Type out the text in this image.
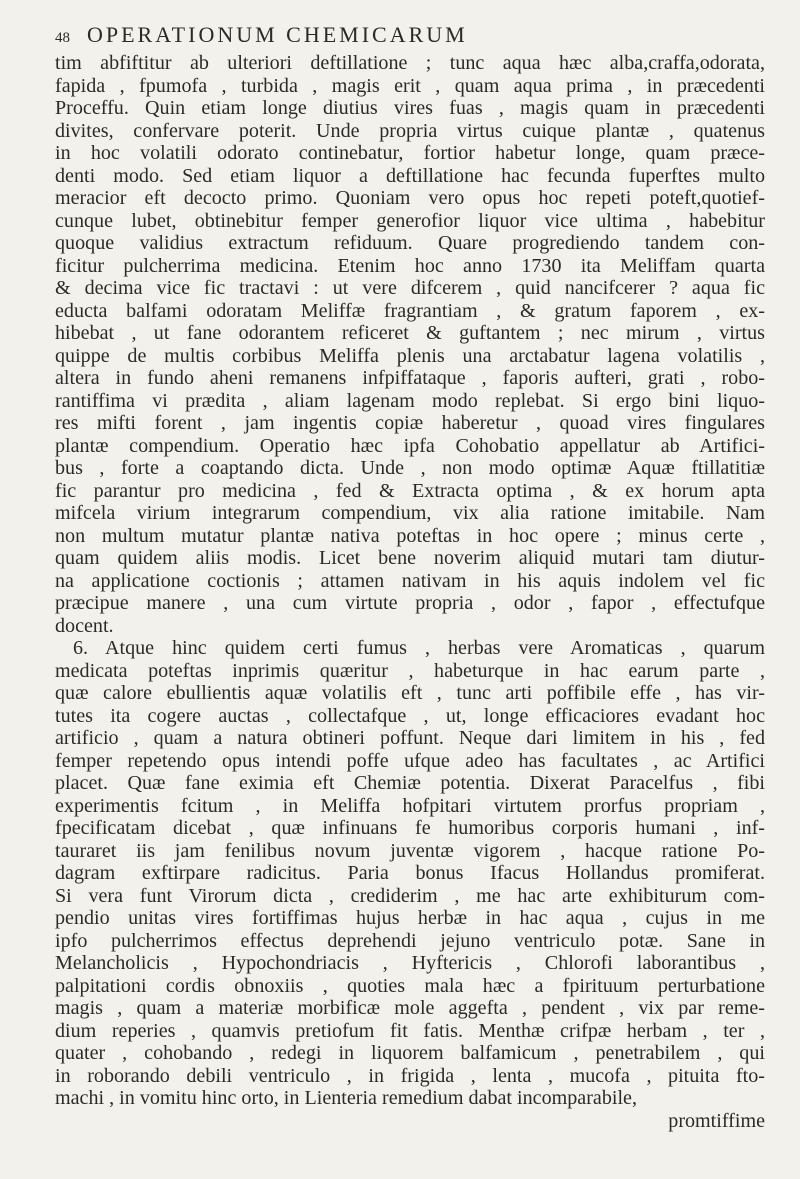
48 OPERATIONUM CHEMICARUM
tim abfiftitur ab ulteriori deftillatione ; tunc aqua hæc alba,craffa,odorata,
fapida , fpumofa , turbida , magis erit , quam aqua prima , in præcedenti
Proceffu. Quin etiam longe diutius vires fuas , magis quam in præcedenti
divites, confervare poterit. Unde propria virtus cuique plantæ , quatenus
in hoc volatili odorato continebatur, fortior habetur longe, quam præce-
denti modo. Sed etiam liquor a deftillatione hac fecunda fuperftes multo
meracior eft decocto primo. Quoniam vero opus hoc repeti poteft,quotief-
cunque lubet, obtinebitur femper generofior liquor vice ultima , habebitur
quoque validius extractum refiduum. Quare progrediendo tandem con-
ficitur pulcherrima medicina. Etenim hoc anno 1730 ita Meliffam quarta
& decima vice fic tractavi : ut vere difcerem , quid nancifcerer ? aqua fic
educta balfami odoratam Meliffæ fragrantiam , & gratum faporem , ex-
hibebat , ut fane odorantem reficeret & guftantem ; nec mirum , virtus
quippe de multis corbibus Meliffa plenis una arctabatur lagena volatilis ,
altera in fundo aheni remanens infpiffataque , faporis aufteri, grati , robo-
rantiffima vi prædita , aliam lagenam modo replebat. Si ergo bini liquo-
res mifti forent , jam ingentis copiæ haberetur , quoad vires fingulares
plantæ compendium. Operatio hæc ipfa Cohobatio appellatur ab Artifici-
bus , forte a coaptando dicta. Unde , non modo optimæ Aquæ ftillatitiæ
fic parantur pro medicina , fed & Extracta optima , & ex horum apta
mifcela virium integrarum compendium, vix alia ratione imitabile. Nam
non multum mutatur plantæ nativa poteftas in hoc opere ; minus certe ,
quam quidem aliis modis. Licet bene noverim aliquid mutari tam diutur-
na applicatione coctionis ; attamen nativam in his aquis indolem vel fic
præcipue manere , una cum virtute propria , odor , fapor , effectufque
docent.
6. Atque hinc quidem certi fumus , herbas vere Aromaticas , quarum
medicata poteftas inprimis quæritur , habeturque in hac earum parte ,
quæ calore ebullientis aquæ volatilis eft , tunc arti poffibile effe , has vir-
tutes ita cogere auctas , collectafque , ut, longe efficaciores evadant hoc
artificio , quam a natura obtineri poffunt. Neque dari limitem in his , fed
femper repetendo opus intendi poffe ufque adeo has facultates , ac Artifici
placet. Quæ fane eximia eft Chemiæ potentia. Dixerat Paracelfus , fibi
experimentis fcitum , in Meliffa hofpitari virtutem prorfus propriam ,
fpecificatam dicebat , quæ infinuans fe humoribus corporis humani , inf-
tauraret iis jam fenilibus novum juventæ vigorem , hacque ratione Po-
dagram exftirpare radicitus. Paria bonus Ifacus Hollandus promiferat.
Si vera funt Virorum dicta , crediderim , me hac arte exhibiturum com-
pendio unitas vires fortiffimas hujus herbæ in hac aqua , cujus in me
ipfo pulcherrimos effectus deprehendi jejuno ventriculo potæ. Sane in
Melancholicis , Hypochondriacis , Hyftericis , Chlorofi laborantibus ,
palpitationi cordis obnoxiis , quoties mala hæc a fpirituum perturbatione
magis , quam a materiæ morbificæ mole aggefta , pendent , vix par reme-
dium reperies , quamvis pretiofum fit fatis. Menthæ crifpæ herbam , ter ,
quater , cohobando , redegi in liquorem balfamicum , penetrabilem , qui
in roborando debili ventriculo , in frigida , lenta , mucofa , pituita fto-
machi , in vomitu hinc orto, in Lienteria remedium dabat incomparabile,
promtiffime
